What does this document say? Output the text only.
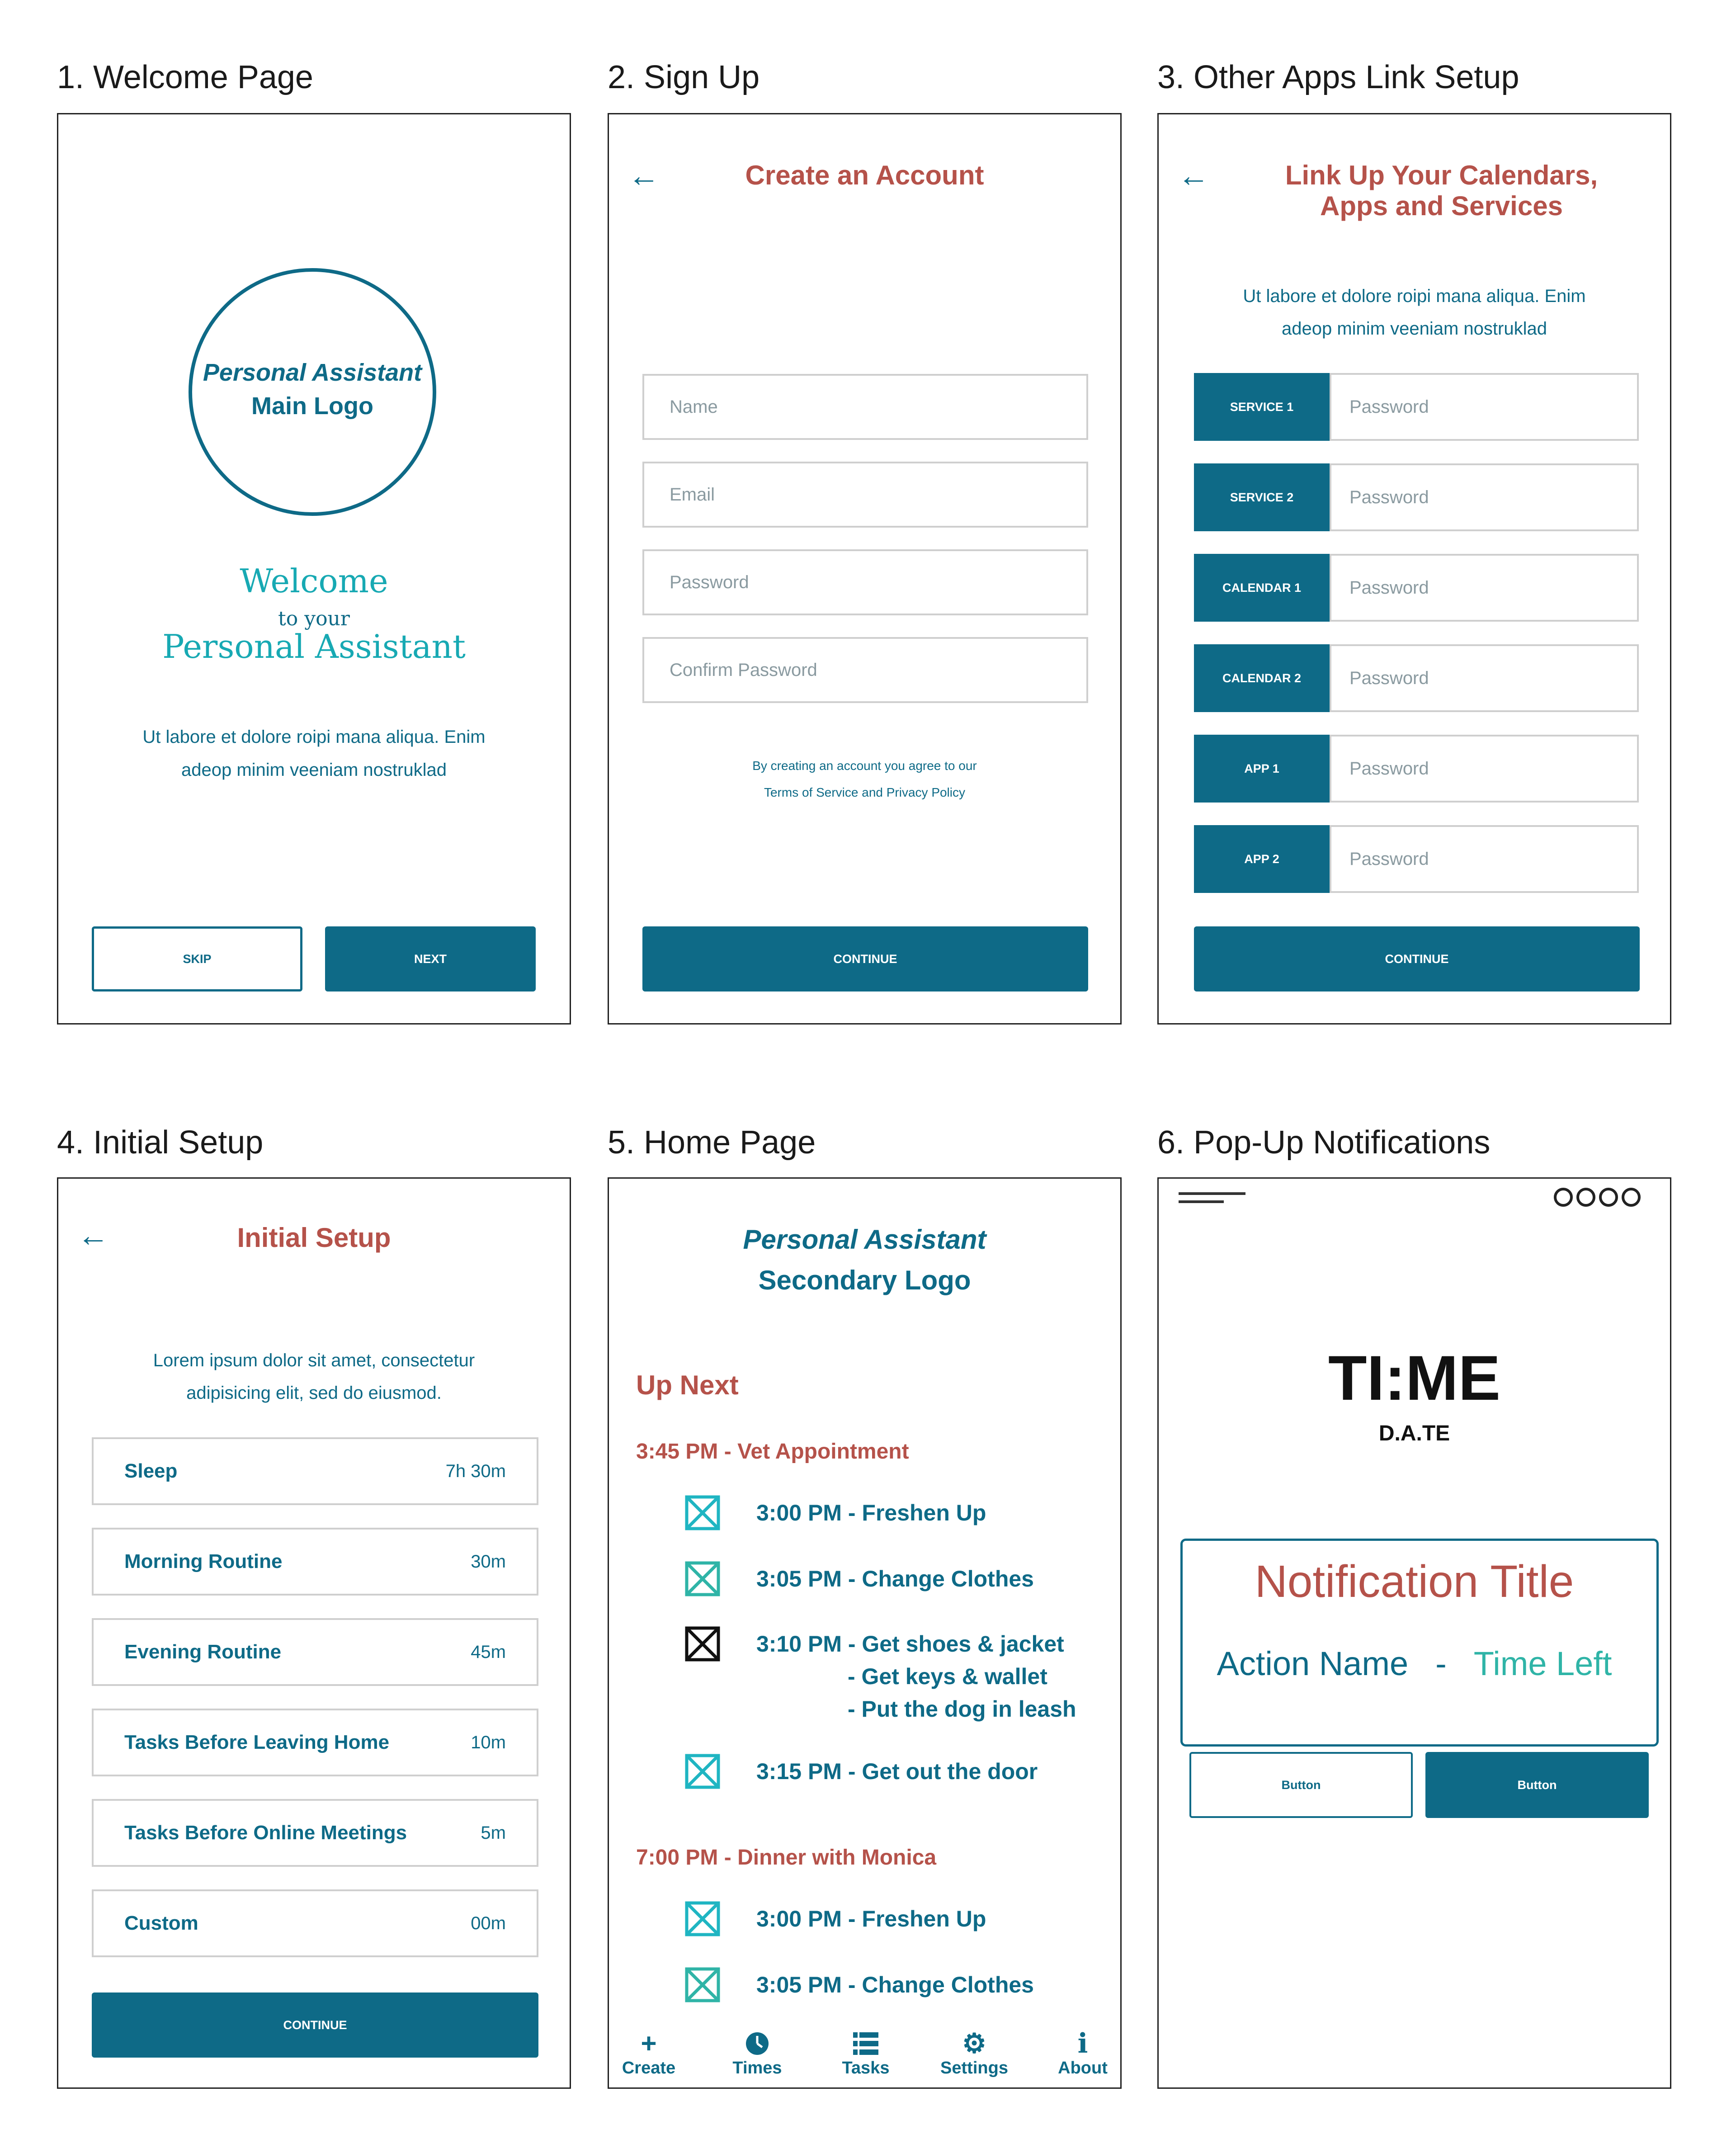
1. Welcome Page	2. Sign Up	3. Other Apps Link Setup
4. Initial Setup	5. Home Page	6. Pop-Up Notifications
Personal Assistant
Main Logo
Welcome
to your
Personal Assistant
Ut labore et dolore roipi mana aliqua. Enim
adeop minim veeniam nostruklad
SKIP	NEXT
←	Create an Account
Name
Email
Password
Confirm Password
By creating an account you agree to our
Terms of Service and Privacy Policy
CONTINUE
←	Link Up Your Calendars,
Apps and Services
Ut labore et dolore roipi mana aliqua. Enim
adeop minim veeniam nostruklad
SERVICE 1	Password
SERVICE 2	Password
CALENDAR 1	Password
CALENDAR 2	Password
APP 1	Password
APP 2	Password
CONTINUE
←	Initial Setup
Lorem ipsum dolor sit amet, consectetur
adipisicing elit, sed do eiusmod.
Sleep	7h 30m
Morning Routine	30m
Evening Routine	45m
Tasks Before Leaving Home	10m
Tasks Before Online Meetings	5m
Custom	00m
CONTINUE
Personal Assistant
Secondary Logo
Up Next
3:45 PM - Vet Appointment
3:00 PM - Freshen Up
3:05 PM - Change Clothes
3:10 PM - Get shoes & jacket
- Get keys & wallet
- Put the dog in leash
3:15 PM - Get out the door
7:00 PM - Dinner with Monica
3:00 PM - Freshen Up
3:05 PM - Change Clothes
+
Create	Times	Tasks
⚙
Settings
i
About
TI:ME
D.A.TE
Notification Title
Action Name - Time Left
Button	Button
